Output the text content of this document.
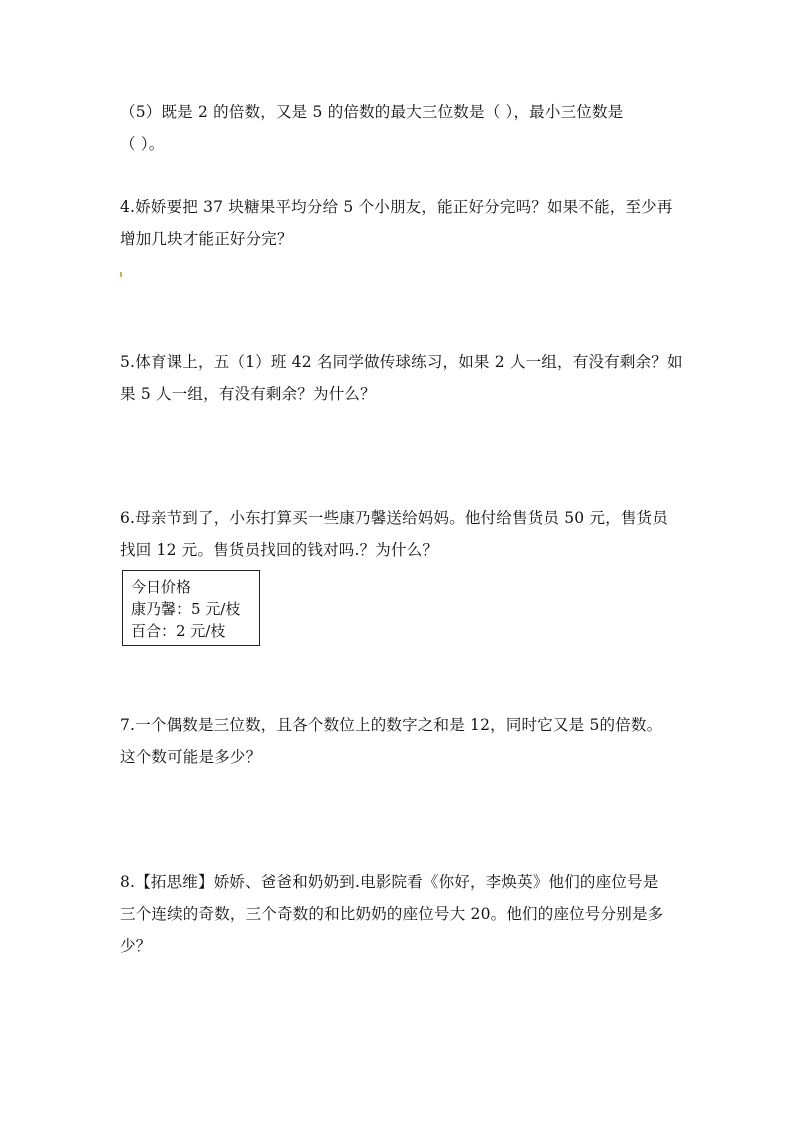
（5）既是 2 的倍数，又是 5 的倍数的最大三位数是（ ），最小三位数是
（ ）。
4.娇娇要把 37 块糖果平均分给 5 个小朋友，能正好分完吗？如果不能，至少再
增加几块才能正好分完？
5.体育课上，五（1）班 42 名同学做传球练习，如果 2 人一组，有没有剩余？如
果 5 人一组，有没有剩余？为什么？
6.母亲节到了，小东打算买一些康乃馨送给妈妈。他付给售货员 50 元，售货员
找回 12 元。售货员找回的钱对吗.？为什么？
今日价格
康乃馨：5 元/枝
百合：2 元/枝
7.一个偶数是三位数，且各个数位上的数字之和是 12，同时它又是 5的倍数。
这个数可能是多少？
8.【拓思维】娇娇、爸爸和奶奶到.电影院看《你好，李焕英》他们的座位号是
三个连续的奇数，三个奇数的和比奶奶的座位号大 20。他们的座位号分别是多
少？
